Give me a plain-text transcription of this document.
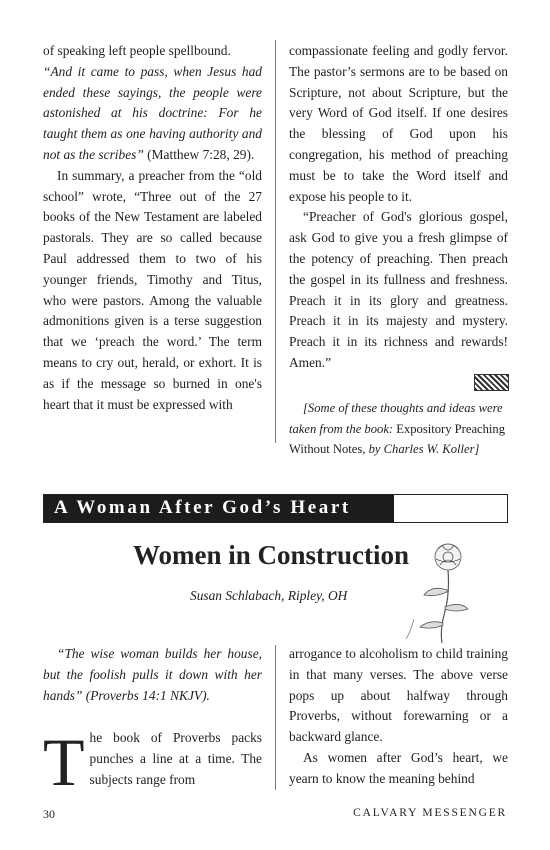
of speaking left people spellbound.
“And it came to pass, when Jesus had ended these sayings, the people were astonished at his doctrine: For he taught them as one having authority and not as the scribes” (Matthew 7:28, 29).

In summary, a preacher from the “old school” wrote, “Three out of the 27 books of the New Testament are labeled pastorals. They are so called because Paul addressed them to two of his younger friends, Timothy and Titus, who were pastors. Among the valuable admonitions given is a terse suggestion that we ‘preach the word.’ The term means to cry out, herald, or exhort. It is as if the message so burned in one's heart that it must be expressed with

compassionate feeling and godly fervor. The pastor’s sermons are to be based on Scripture, not about Scripture, but the very Word of God itself. If one desires the blessing of God upon his congregation, his method of preaching must be to take the Word itself and expose his people to it.

“Preacher of God's glorious gospel, ask God to give you a fresh glimpse of the potency of preaching. Then preach the gospel in its fullness and freshness. Preach it in its glory and greatness. Preach it in its majesty and mystery. Preach it in its richness and rewards! Amen.”

[Some of these thoughts and ideas were taken from the book: Expository Preaching Without Notes, by Charles W. Koller]
A Woman After God’s Heart
Women in Construction
Susan Schlabach, Ripley, OH

“The wise woman builds her house, but the foolish pulls it down with her hands” (Proverbs 14:1 NKJV).

The book of Proverbs packs punches a line at a time. The subjects range from

arrogance to alcoholism to child training in that many verses. The above verse pops up about halfway through Proverbs, without forewarning or a backward glance.

As women after God’s heart, we yearn to know the meaning behind

30	CALVARY MESSENGER
